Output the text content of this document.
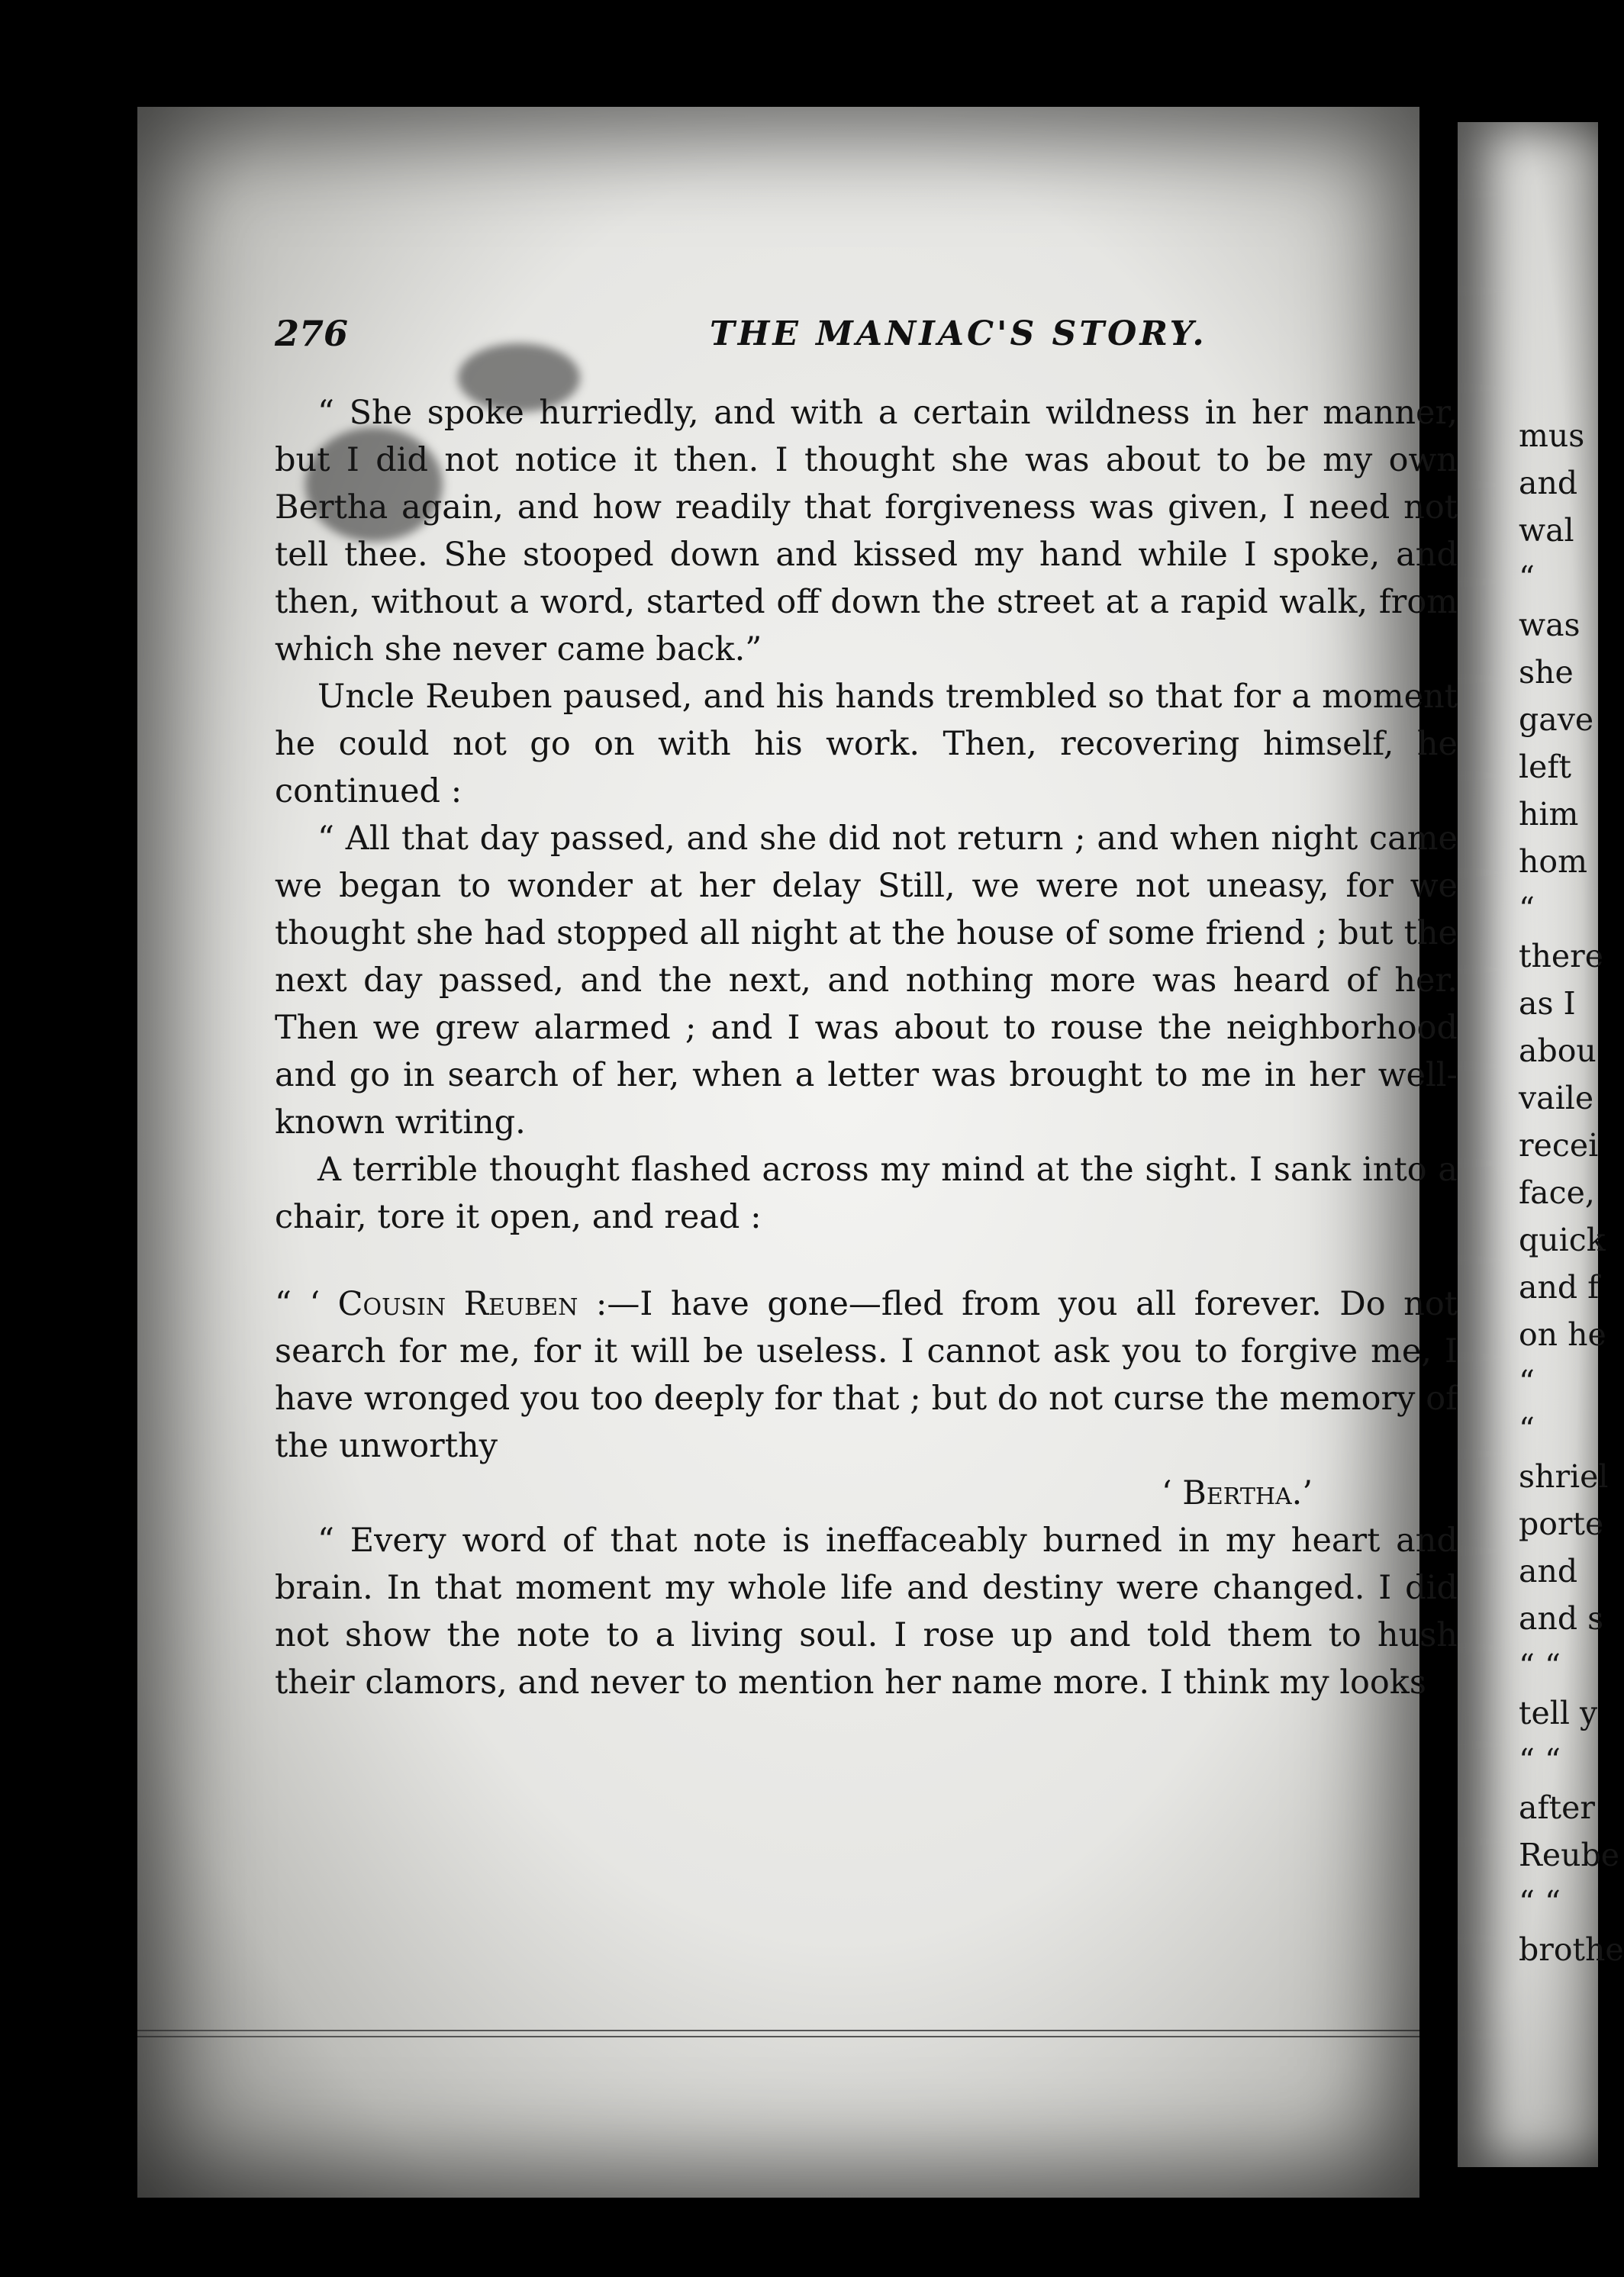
276	THE MANIAC'S STORY.

“ She spoke hurriedly, and with a certain wildness in her manner, but I did not notice it then. I thought she was about to be my own Bertha again, and how readily that forgiveness was given, I need not tell thee. She stooped down and kissed my hand while I spoke, and then, without a word, started off down the street at a rapid walk, from which she never came back.”

Uncle Reuben paused, and his hands trembled so that for a moment he could not go on with his work. Then, recovering himself, he continued :

“ All that day passed, and she did not return ; and when night came we began to wonder at her delay Still, we were not uneasy, for we thought she had stopped all night at the house of some friend ; but the next day passed, and the next, and nothing more was heard of her. Then we grew alarmed ; and I was about to rouse the neighborhood and go in search of her, when a letter was brought to me in her well-known writing.

A terrible thought flashed across my mind at the sight. I sank into a chair, tore it open, and read :

“ ‘ Cousin Reuben :—I have gone—fled from you all forever. Do not search for me, for it will be useless. I cannot ask you to forgive me, I have wronged you too deeply for that ; but do not curse the memory of the unworthy

‘ Bertha.’

“ Every word of that note is ineffaceably burned in my heart and brain. In that moment my whole life and destiny were changed. I did not show the note to a living soul. I rose up and told them to hush their clamors, and never to mention her name more. I think my looks

mus
and
wal
“
was
she
gave
left
him
hom
“
there
as I
abou
vaile
recei
face,
quick
and f
on he
“
“
shriel
porte
and
and s
“ “
tell y
“ “
after
Reube
“ “
brothe
